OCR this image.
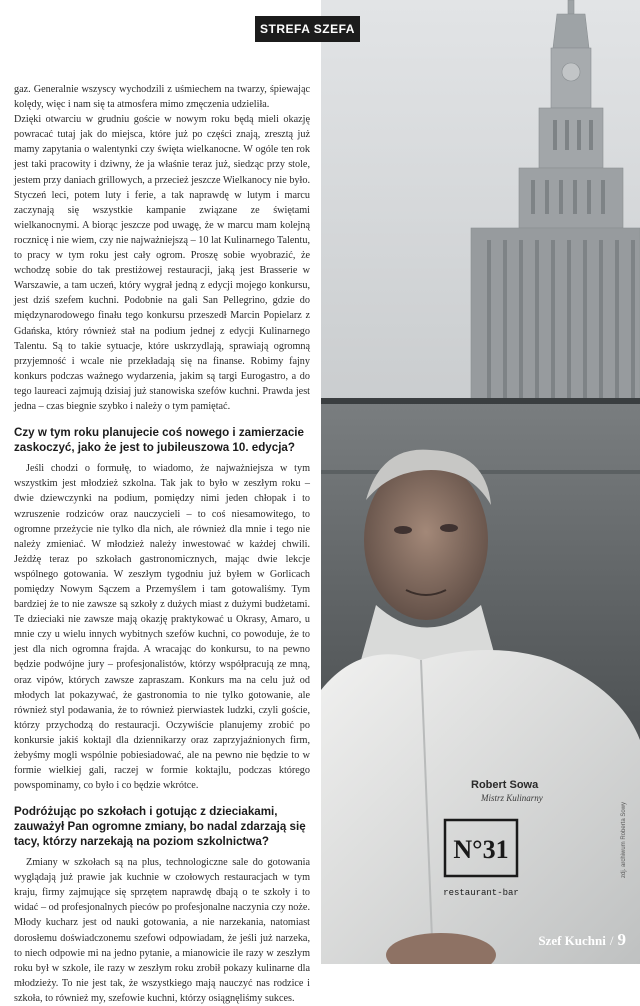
N°31
restaurant-bar
Robert Sowa
Mistrz Kulinarny
STREFA SZEFA

gaz. Generalnie wszyscy wychodzili z uśmiechem na twarzy, śpiewając kolędy, więc i nam się ta atmosfera mimo zmęczenia udzieliła.

Dzięki otwarciu w grudniu goście w nowym roku będą mieli okazję powracać tutaj jak do miejsca, które już po części znają, zresztą już mamy zapytania o walentynki czy święta wielkanocne. W ogóle ten rok jest taki pracowity i dziwny, że ja właśnie teraz już, siedząc przy stole, jestem przy daniach grillowych, a przecież jeszcze Wielkanocy nie było. Styczeń leci, potem luty i ferie, a tak naprawdę w lutym i marcu zaczynają się wszystkie kampanie związane ze świętami wielkanocnymi. A biorąc jeszcze pod uwagę, że w marcu mam kolejną rocznicę i nie wiem, czy nie najważniejszą – 10 lat Kulinarnego Talentu, to pracy w tym roku jest cały ogrom. Proszę sobie wyobrazić, że wchodzę sobie do tak prestiżowej restauracji, jaką jest Brasserie w Warszawie, a tam uczeń, który wygrał jedną z edycji mojego konkursu, jest dziś szefem kuchni. Podobnie na gali San Pellegrino, gdzie do międzynarodowego finału tego konkursu przeszedł Marcin Popielarz z Gdańska, który również stał na podium jednej z edycji Kulinarnego Talentu. Są to takie sytuacje, które uskrzydlają, sprawiają ogromną przyjemność i wcale nie przekładają się na finanse. Robimy fajny konkurs podczas ważnego wydarzenia, jakim są targi Eurogastro, a do tego laureaci zajmują dzisiaj już stanowiska szefów kuchni. Prawda jest jedna – czas biegnie szybko i należy o tym pamiętać.

Czy w tym roku planujecie coś nowego i zamierzacie zaskoczyć, jako że jest to jubileuszowa 10. edycja?

Jeśli chodzi o formułę, to wiadomo, że najważniejsza w tym wszystkim jest młodzież szkolna. Tak jak to było w zeszłym roku – dwie dziewczynki na podium, pomiędzy nimi jeden chłopak i to wzruszenie rodziców oraz nauczycieli – to coś niesamowitego, to ogromne przeżycie nie tylko dla nich, ale również dla mnie i tego nie należy zmieniać. W młodzież należy inwestować w każdej chwili. Jeżdżę teraz po szkołach gastronomicznych, mając dwie lekcje wspólnego gotowania. W zeszłym tygodniu już byłem w Gorlicach pomiędzy Nowym Sączem a Przemyślem i tam gotowaliśmy. Tym bardziej że to nie zawsze są szkoły z dużych miast z dużymi budżetami. Te dzieciaki nie zawsze mają okazję praktykować u Okrasy, Amaro, u mnie czy u wielu innych wybitnych szefów kuchni, co powoduje, że to jest dla nich ogromna frajda. A wracając do konkursu, to na pewno będzie podwójne jury – profesjonalistów, którzy współpracują ze mną, oraz vipów, których zawsze zapraszam. Konkurs ma na celu już od młodych lat pokazywać, że gastronomia to nie tylko gotowanie, ale również styl podawania, że to również pierwiastek ludzki, czyli goście, którzy przychodzą do restauracji. Oczywiście planujemy zrobić po konkursie jakiś koktajl dla dziennikarzy oraz zaprzyjaźnionych firm, żebyśmy mogli wspólnie pobiesiadować, ale na pewno nie będzie to w formie wielkiej gali, raczej w formie koktajlu, podczas którego powspominamy, co było i co będzie wkrótce.

Podróżując po szkołach i gotując z dzieciakami, zauważył Pan ogromne zmiany, bo nadal zdarzają się tacy, którzy narzekają na poziom szkolnictwa?

Zmiany w szkołach są na plus, technologiczne sale do gotowania wyglądają już prawie jak kuchnie w czołowych restauracjach w tym kraju, firmy zajmujące się sprzętem naprawdę dbają o te szkoły i to widać – od profesjonalnych pieców po profesjonalne naczynia czy noże. Młody kucharz jest od nauki gotowania, a nie narzekania, natomiast dorosłemu doświadczonemu szefowi odpowiadam, że jeśli już narzeka, to niech odpowie mi na jedno pytanie, a mianowicie ile razy w zeszłym roku był w szkole, ile razy w zeszłym roku zrobił pokazy kulinarne dla młodzieży. To nie jest tak, że wszystkiego mają nauczyć nas rodzice i szkoła, to również my, szefowie kuchni, którzy osiągnęliśmy sukces.

zdj. archiwum Roberta Sowy
Szef Kuchni / 9
